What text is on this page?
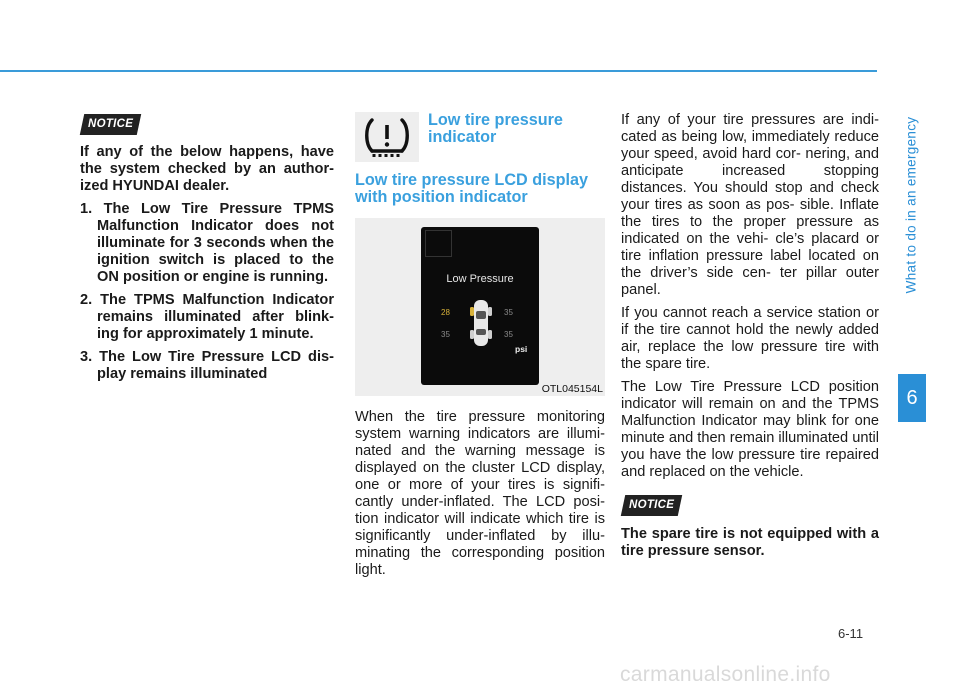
What to do in an emergency
6
NOTICE

If any of the below happens, have the system checked by an author- ized HYUNDAI dealer.

1. The Low Tire Pressure TPMS Malfunction Indicator does not illuminate for 3 seconds when the ignition switch is placed to the ON position or engine is running.
2. The TPMS Malfunction Indicator remains illuminated after blink- ing for approximately 1 minute.
3. The Low Tire Pressure LCD dis- play remains illuminated
Low tire pressure indicator
Low tire pressure LCD display with position indicator
Low Pressure
28	35
35	35
psi
OTL045154L

When the tire pressure monitoring system warning indicators are illumi- nated and the warning message is displayed on the cluster LCD display, one or more of your tires is signifi- cantly under-inflated. The LCD posi- tion indicator will indicate which tire is significantly under-inflated by illu- minating the corresponding position light.

If any of your tire pressures are indi- cated as being low, immediately reduce your speed, avoid hard cor- nering, and anticipate increased stopping distances. You should stop and check your tires as soon as pos- sible. Inflate the tires to the proper pressure as indicated on the vehi- cle’s placard or tire inflation pressure label located on the driver’s side cen- ter pillar outer panel.

If you cannot reach a service station or if the tire cannot hold the newly added air, replace the low pressure tire with the spare tire.

The Low Tire Pressure LCD position indicator will remain on and the TPMS Malfunction Indicator may blink for one minute and then remain illuminated until you have the low pressure tire repaired and replaced on the vehicle.

NOTICE

The spare tire is not equipped with a tire pressure sensor.

6-11
carmanualsonline.info
